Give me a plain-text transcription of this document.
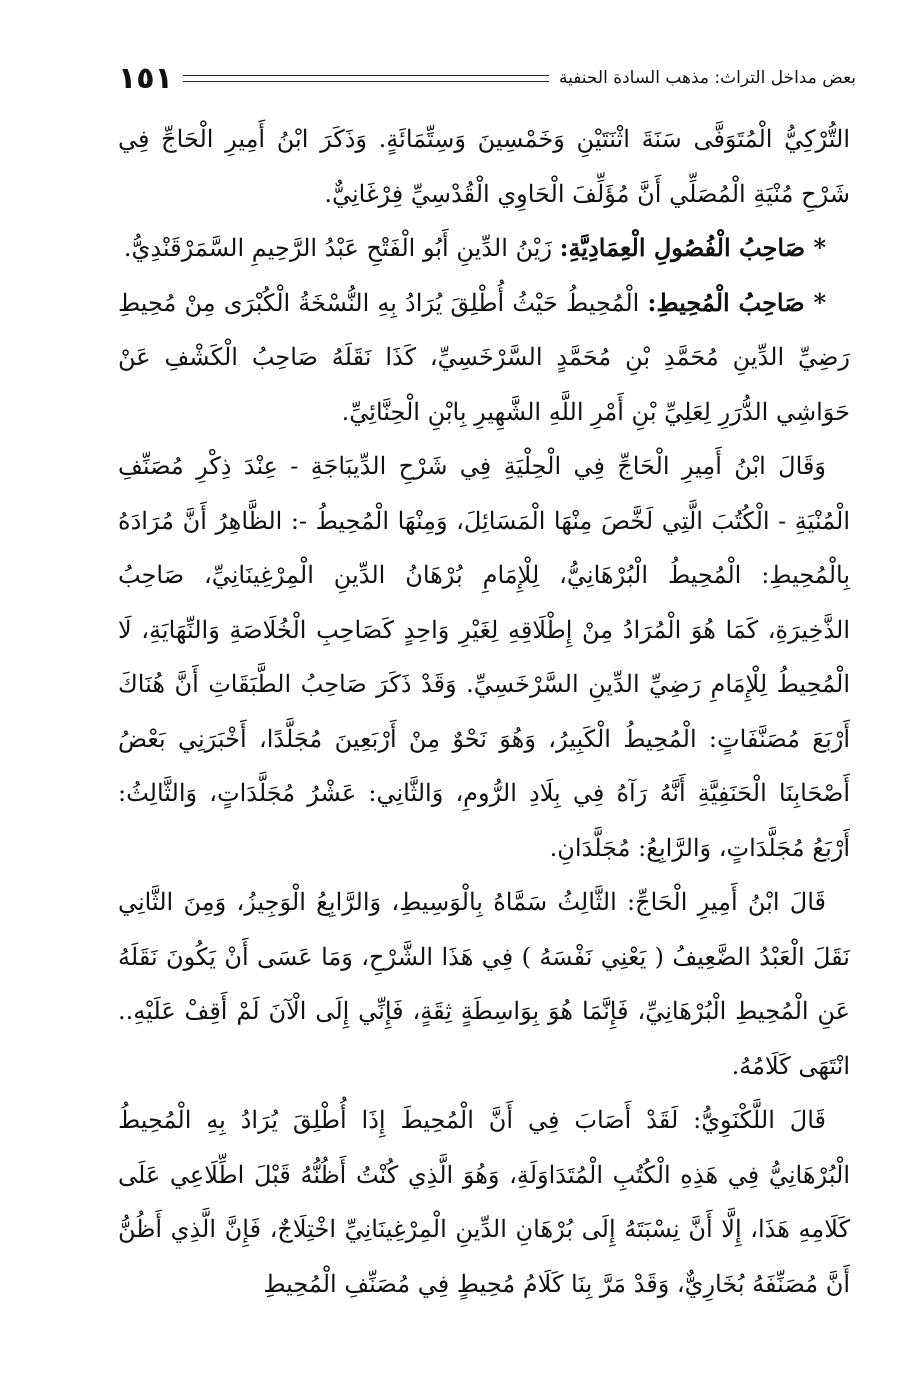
بعض مداخل التراث: مذهب السادة الحنفية
١٥١

التُّرْكِيُّ الْمُتَوَفَّى سَنَةَ اثْنَتَيْنِ وَخَمْسِينَ وَسِتِّمَائَةٍ. وَذَكَرَ ابْنُ أَمِيرِ الْحَاجِّ فِي شَرْحِ مُنْيَةِ الْمُصَلِّي أَنَّ مُؤَلِّفَ الْحَاوِي الْقُدْسِيِّ فِرْغَانِيٌّ.

* صَاحِبُ الْفُصُولِ الْعِمَادِيَّةِ: زَيْنُ الدِّينِ أَبُو الْفَتْحِ عَبْدُ الرَّحِيمِ السَّمَرْقَنْدِيُّ.

* صَاحِبُ الْمُحِيطِ: الْمُحِيطُ حَيْثُ أُطْلِقَ يُرَادُ بِهِ النُّسْخَةُ الْكُبْرَى مِنْ مُحِيطِ رَضِيِّ الدِّينِ مُحَمَّدِ بْنِ مُحَمَّدٍ السَّرْخَسِيِّ، كَذَا نَقَلَهُ صَاحِبُ الْكَشْفِ عَنْ حَوَاشِي الدُّرَرِ لِعَلِيِّ بْنِ أَمْرِ اللَّهِ الشَّهِيرِ بِابْنِ الْحِنَّائِيِّ.

وَقَالَ ابْنُ أَمِيرِ الْحَاجِّ فِي الْحِلْيَةِ فِي شَرْحِ الدِّيبَاجَةِ - عِنْدَ ذِكْرِ مُصَنِّفِ الْمُنْيَةِ - الْكُتُبَ الَّتِي لَخَّصَ مِنْهَا الْمَسَائِلَ، وَمِنْهَا الْمُحِيطُ -: الظَّاهِرُ أَنَّ مُرَادَهُ بِالْمُحِيطِ: الْمُحِيطُ الْبُرْهَانِيُّ، لِلْإِمَامِ بُرْهَانُ الدِّينِ الْمِرْغِينَانِيِّ، صَاحِبُ الذَّخِيرَةِ، كَمَا هُوَ الْمُرَادُ مِنْ إِطْلَاقِهِ لِغَيْرِ وَاحِدٍ كَصَاحِبِ الْخُلَاصَةِ وَالنِّهَايَةِ، لَا الْمُحِيطُ لِلْإِمَامِ رَضِيِّ الدِّينِ السَّرْخَسِيِّ. وَقَدْ ذَكَرَ صَاحِبُ الطَّبَقَاتِ أَنَّ هُنَاكَ أَرْبَعَ مُصَنَّفَاتٍ: الْمُحِيطُ الْكَبِيرُ، وَهُوَ نَحْوٌ مِنْ أَرْبَعِينَ مُجَلَّدًا، أَخْبَرَنِي بَعْضُ أَصْحَابِنَا الْحَنَفِيَّةِ أَنَّهُ رَآهُ فِي بِلَادِ الرُّومِ، وَالثَّانِي: عَشْرُ مُجَلَّدَاتٍ، وَالثَّالِثُ: أَرْبَعُ مُجَلَّدَاتٍ، وَالرَّابِعُ: مُجَلَّدَانِ.

قَالَ ابْنُ أَمِيرِ الْحَاجِّ: الثَّالِثُ سَمَّاهُ بِالْوَسِيطِ، وَالرَّابِعُ الْوَجِيزُ، وَمِنَ الثَّانِي نَقَلَ الْعَبْدُ الضَّعِيفُ ( يَعْنِي نَفْسَهُ ) فِي هَذَا الشَّرْحِ، وَمَا عَسَى أَنْ يَكُونَ نَقَلَهُ عَنِ الْمُحِيطِ الْبُرْهَانِيِّ، فَإِنَّمَا هُوَ بِوَاسِطَةٍ ثِقَةٍ، فَإِنِّي إِلَى الْآنَ لَمْ أَقِفْ عَلَيْهِ.. انْتَهَى كَلَامُهُ.

قَالَ اللَّكْنَوِيُّ: لَقَدْ أَصَابَ فِي أَنَّ الْمُحِيطَ إِذَا أُطْلِقَ يُرَادُ بِهِ الْمُحِيطُ الْبُرْهَانِيُّ فِي هَذِهِ الْكُتُبِ الْمُتَدَاوَلَةِ، وَهُوَ الَّذِي كُنْتُ أَظُنُّهُ قَبْلَ اطِّلَاعِي عَلَى كَلَامِهِ هَذَا، إِلَّا أَنَّ نِسْبَتَهُ إِلَى بُرْهَانِ الدِّينِ الْمِرْغِينَانِيِّ اخْتِلَاجٌ، فَإِنَّ الَّذِي أَظُنُّ أَنَّ مُصَنِّفَهُ بُخَارِيٌّ، وَقَدْ مَرَّ بِنَا كَلَامُ مُحِيطٍ فِي مُصَنِّفِ الْمُحِيطِ
